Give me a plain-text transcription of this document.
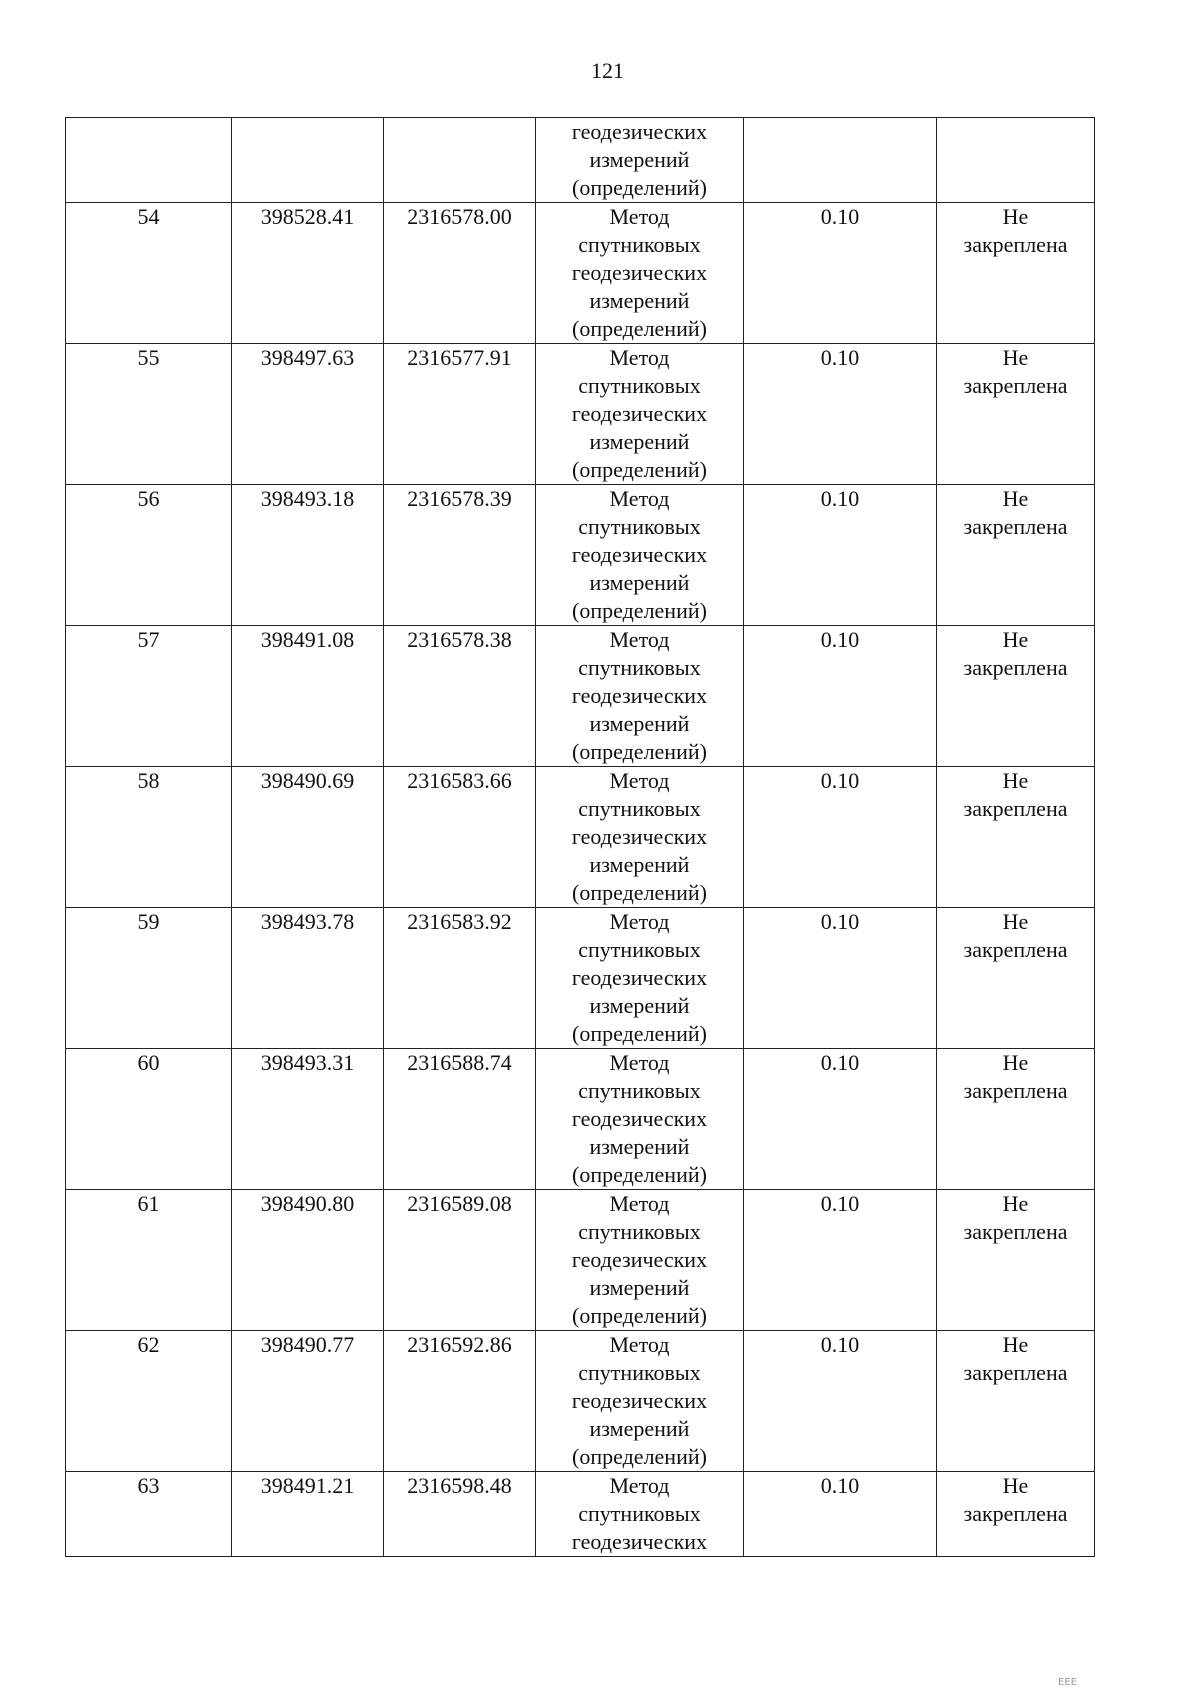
121

			геодезических
измерений
(определений)		

54	398528.41	2316578.00	Метод
спутниковых
геодезических
измерений
(определений)	0.10	Не
закреплена

55	398497.63	2316577.91	Метод
спутниковых
геодезических
измерений
(определений)	0.10	Не
закреплена

56	398493.18	2316578.39	Метод
спутниковых
геодезических
измерений
(определений)	0.10	Не
закреплена

57	398491.08	2316578.38	Метод
спутниковых
геодезических
измерений
(определений)	0.10	Не
закреплена

58	398490.69	2316583.66	Метод
спутниковых
геодезических
измерений
(определений)	0.10	Не
закреплена

59	398493.78	2316583.92	Метод
спутниковых
геодезических
измерений
(определений)	0.10	Не
закреплена

60	398493.31	2316588.74	Метод
спутниковых
геодезических
измерений
(определений)	0.10	Не
закреплена

61	398490.80	2316589.08	Метод
спутниковых
геодезических
измерений
(определений)	0.10	Не
закреплена

62	398490.77	2316592.86	Метод
спутниковых
геодезических
измерений
(определений)	0.10	Не
закреплена

63	398491.21	2316598.48	Метод
спутниковых
геодезических	0.10	Не
закреплена
ЕЕЕ
